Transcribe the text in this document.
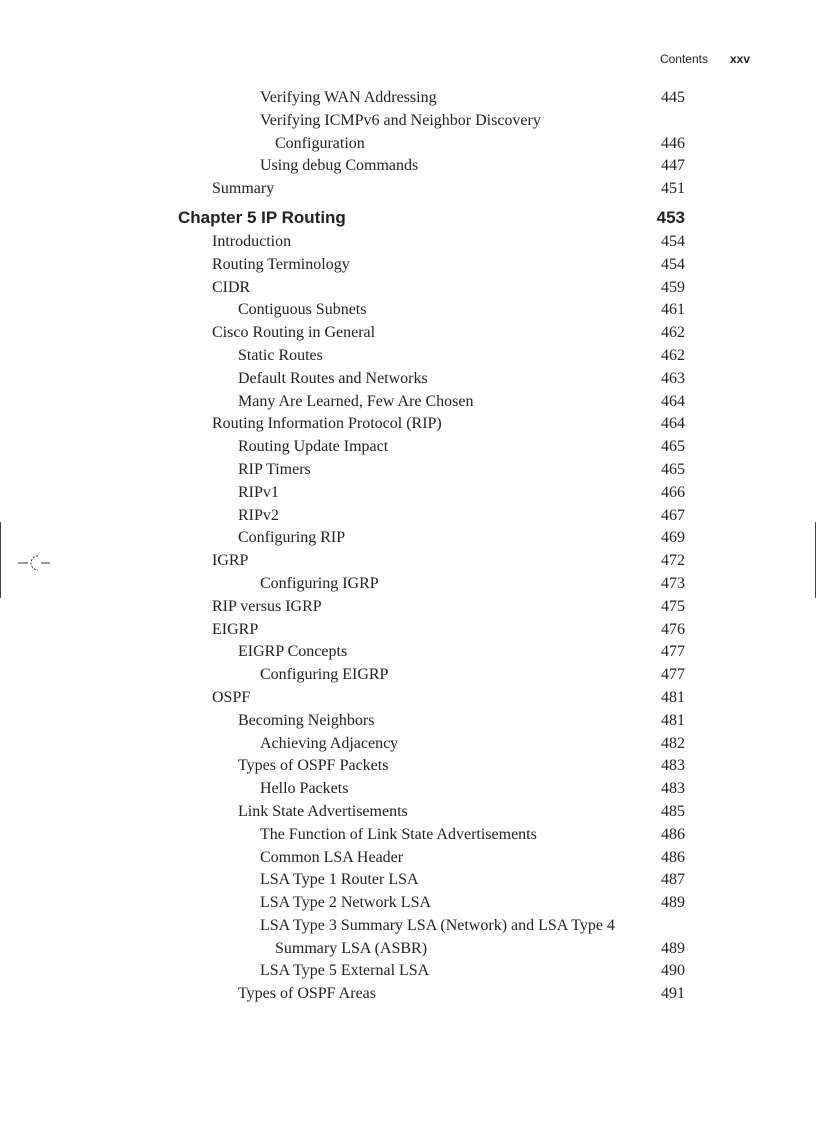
Contents xxv
Verifying WAN Addressing	445
Verifying ICMPv6 and Neighbor Discovery
Configuration	446
Using debug Commands	447
Summary	451
Chapter 5 IP Routing	453
Introduction	454
Routing Terminology	454
CIDR	459
Contiguous Subnets	461
Cisco Routing in General	462
Static Routes	462
Default Routes and Networks	463
Many Are Learned, Few Are Chosen	464
Routing Information Protocol (RIP)	464
Routing Update Impact	465
RIP Timers	465
RIPv1	466
RIPv2	467
Configuring RIP	469
IGRP	472
Configuring IGRP	473
RIP versus IGRP	475
EIGRP	476
EIGRP Concepts	477
Configuring EIGRP	477
OSPF	481
Becoming Neighbors	481
Achieving Adjacency	482
Types of OSPF Packets	483
Hello Packets	483
Link State Advertisements	485
The Function of Link State Advertisements	486
Common LSA Header	486
LSA Type 1 Router LSA	487
LSA Type 2 Network LSA	489
LSA Type 3 Summary LSA (Network) and LSA Type 4
Summary LSA (ASBR)	489
LSA Type 5 External LSA	490
Types of OSPF Areas	491
